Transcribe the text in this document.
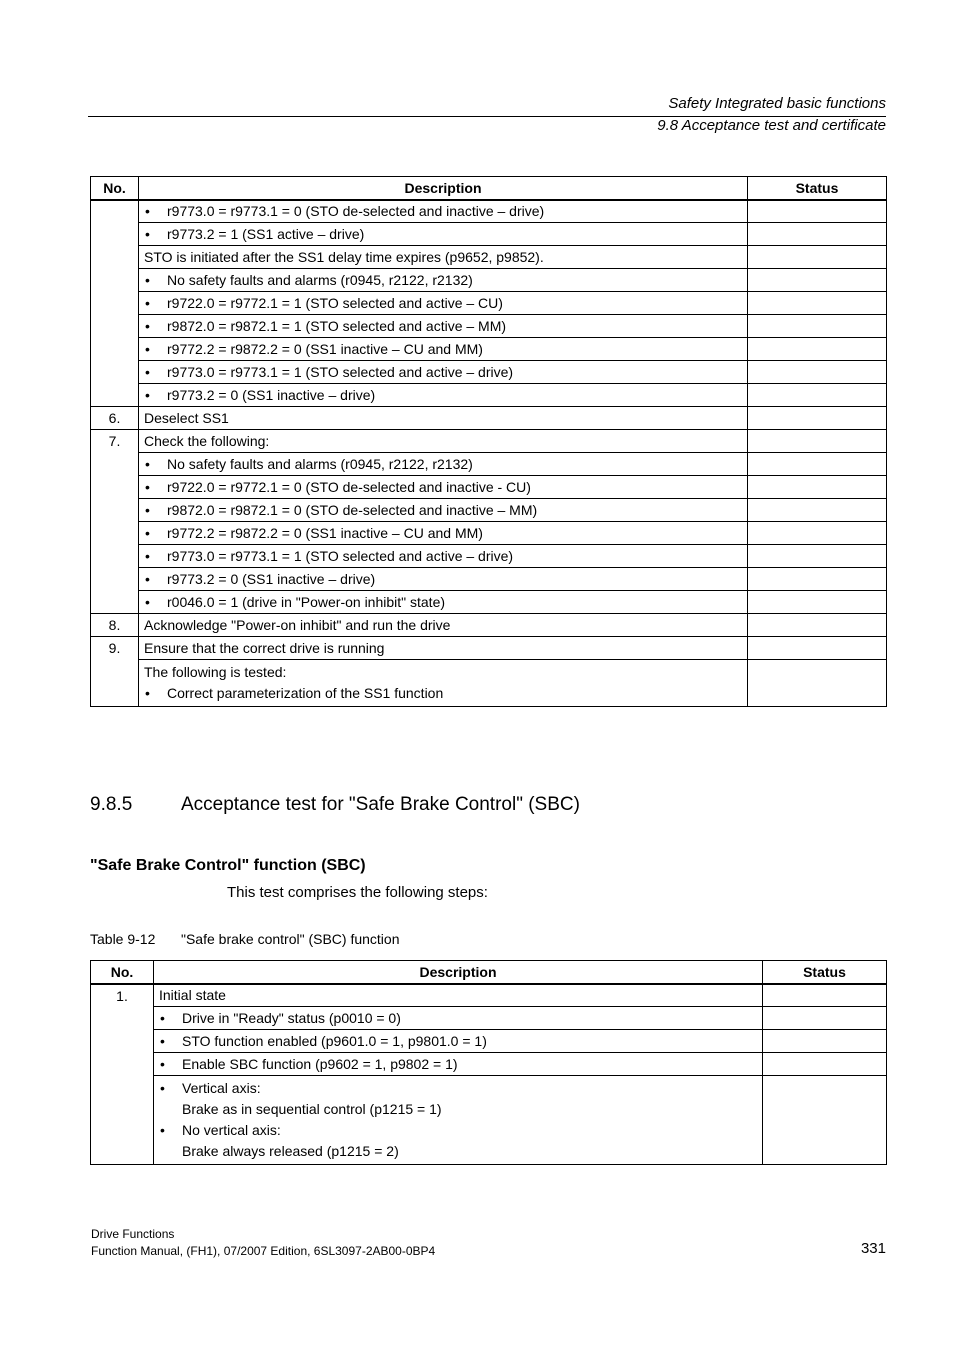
Safety Integrated basic functions
9.8 Acceptance test and certificate
No.	Description	Status

	• r9773.0 = r9773.1 = 0 (STO de-selected and inactive – drive)

	• r9773.2 = 1 (SS1 active – drive)

	STO is initiated after the SS1 delay time expires (p9652, p9852).	

	• No safety faults and alarms (r0945, r2122, r2132)

	• r9722.0 = r9772.1 = 1 (STO selected and active – CU)

	• r9872.0 = r9872.1 = 1 (STO selected and active – MM)

	• r9772.2 = r9872.2 = 0 (SS1 inactive – CU and MM)

	• r9773.0 = r9773.1 = 1 (STO selected and active – drive)

	• r9773.2 = 0 (SS1 inactive – drive)

6.	Deselect SS1	

7.	Check the following:	

	• No safety faults and alarms (r0945, r2122, r2132)

	• r9722.0 = r9772.1 = 0 (STO de-selected and inactive - CU)

	• r9872.0 = r9872.1 = 0 (STO de-selected and inactive – MM)

	• r9772.2 = r9872.2 = 0 (SS1 inactive – CU and MM)

	• r9773.0 = r9773.1 = 1 (STO selected and active – drive)

	• r9773.2 = 0 (SS1 inactive – drive)

	• r0046.0 = 1 (drive in "Power-on inhibit" state)

8.	Acknowledge "Power-on inhibit" and run the drive	

9.	Ensure that the correct drive is running	

	The following is tested:
• Correct parameterization of the SS1 function

9.8.5	Acceptance test for "Safe Brake Control" (SBC)
"Safe Brake Control" function (SBC)
This test comprises the following steps:
Table 9-12 "Safe brake control" (SBC) function
No.	Description	Status
1.	Initial state	

	• Drive in "Ready" status (p0010 = 0)

	• STO function enabled (p9601.0 = 1, p9801.0 = 1)

	• Enable SBC function (p9602 = 1, p9802 = 1)

	• Vertical axis:
Brake as in sequential control (p1215 = 1)
• No vertical axis:
Brake always released (p1215 = 2)

Drive Functions
Function Manual, (FH1), 07/2007 Edition, 6SL3097-2AB00-0BP4	331
